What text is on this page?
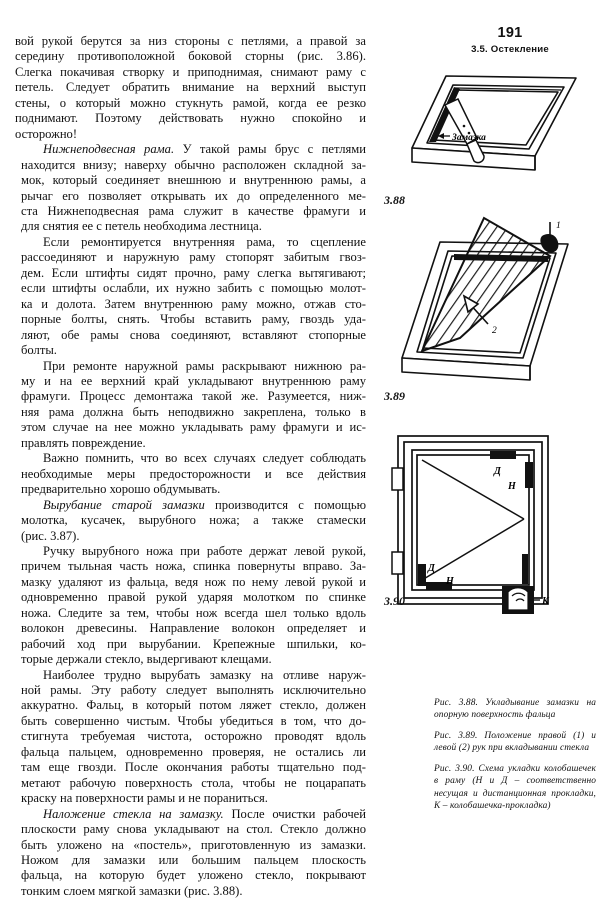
191
3.5. Остекление
вой рукой берутся за низ стороны с петлями, а правой за
середину противоположной боковой сторны (рис. 3.86).
Слегка покачивая створку и приподнимая, снимают раму с
петель. Следует обратить внимание на верхний выступ
стены, о который можно стукнуть рамой, когда ее резко
поднимают. Поэтому действовать нужно спокойно и
осторожно!
Нижнеподвесная рама. У такой рамы брус с петлями
находится внизу; наверху обычно расположен складной за-
мок, который соединяет внешнюю и внутреннюю рамы, а
рычаг его позволяет открывать их до определенного ме-
ста Нижнеподвесная рама служит в качестве фрамуги и
для снятия ее с петель необходима лестница.
Если ремонтируется внутренняя рама, то сцепление
рассоединяют и наружную раму стопорят забитым гвоз-
дем. Если штифты сидят прочно, раму слегка вытягивают;
если штифты ослабли, их нужно забить с помощью молот-
ка и долота. Затем внутреннюю раму можно, отжав сто-
порные болты, снять. Чтобы вставить раму, гвоздь уда-
ляют, обе рамы снова соединяют, вставляют стопорные
болты.
При ремонте наружной рамы раскрывают нижнюю ра-
му и на ее верхний край укладывают внутреннюю раму
фрамуги. Процесс демонтажа такой же. Разумеется, ниж-
няя рама должна быть неподвижно закреплена, только в
этом случае на нее можно укладывать раму фрамуги и ис-
правлять повреждение.
Важно помнить, что во всех случаях следует соблюдать
необходимые меры предосторожности и все действия
предварительно хорошо обдумывать.
Вырубание старой замазки производится с помощью
молотка, кусачек, вырубного ножа; а также стамески
(рис. 3.87).
Ручку вырубного ножа при работе держат левой рукой,
причем тыльная часть ножа, спинка повернуты вправо. За-
мазку удаляют из фальца, ведя нож по нему левой рукой и
одновременно правой рукой ударяя молотком по спинке
ножа. Следите за тем, чтобы нож всегда шел только вдоль
волокон древесины. Направление волокон определяет и
рабочий ход при вырубании. Крепежные шпильки, ко-
торые держали стекло, выдергивают клещами.
Наиболее трудно вырубать замазку на отливе наруж-
ной рамы. Эту работу следует выполнять исключительно
аккуратно. Фальц, в который потом ляжет стекло, должен
быть совершенно чистым. Чтобы убедиться в том, что до-
стигнута требуемая чистота, осторожно проводят вдоль
фальца пальцем, одновременно проверяя, не остались ли
там еще гвозди. После окончания работы тщательно под-
метают рабочую поверхность стола, чтобы не поцарапать
краску на поверхности рамы и не пораниться.
Наложение стекла на замазку. После очистки рабочей
плоскости раму снова укладывают на стол. Стекло должно
быть уложено на «постель», приготовленную из замазки.
Ножом для замазки или большим пальцем плоскость
фальца, на которую будет уложено стекло, покрывают
тонким слоем мягкой замазки (рис. 3.88).
Замазка
3.88
1
2
3.89
Д
Н
Д
Н
К
3.90
Рис. 3.88. Укладывание замазки на опорную поверхность фальца
Рис. 3.89. Положение правой (1) и левой (2) рук при вкладывании стекла
Рис. 3.90. Схема укладки колобашечек в раму (Н и Д – соответственно несущая и дистанционная прокладки, К – колобашечка-прокладка)
